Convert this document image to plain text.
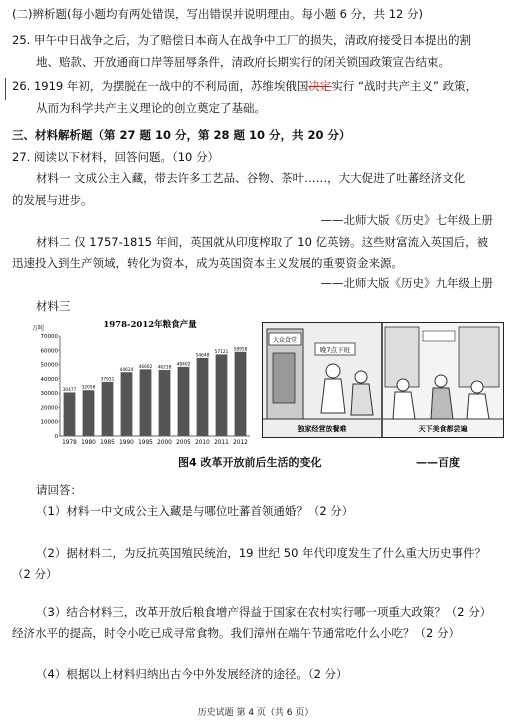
(二)辨析题(每小题均有两处错误，写出错误并说明理由。每小题 6 分，共 12 分)
25. 甲午中日战争之后，为了赔偿日本商人在战争中工厂的损失，清政府接受日本提出的割
地、赔款、开放通商口岸等屈辱条件，清政府长期实行的闭关锁国政策宣告结束。
26. 1919 年初，为摆脱在一战中的不利局面，苏维埃俄国决定实行 “战时共产主义” 政策，
从而为科学共产主义理论的创立奠定了基础。
三、材料解析题（第 27 题 10 分，第 28 题 10 分，共 20 分）
27. 阅读以下材料，回答问题。（10 分）
材料一 文成公主入藏，带去许多工艺品、谷物、茶叶……，大大促进了吐蕃经济文化
的发展与进步。
——北师大版《历史》七年级上册
材料二 仅 1757-1815 年间，英国就从印度榨取了 10 亿英镑。这些财富流入英国后，被
迅速投入到生产领域，转化为资本，成为英国资本主义发展的重要资金来源。
——北师大版《历史》九年级上册
材料三
1978-2012年粮食产量
万吨
70000
60000
50000
40000
30000
20000
10000
0
30477
1978
32056
1980
37911
1985
44624
1990
46662
1995
46218
2000
48402
2005
54648
2010
57121
2011
58958
2012
大众食堂
晚7点下班
独家经营放餐难	天下美食都尝遍
图4 改革开放前后生活的变化	——百度
请回答：
（1）材料一中文成公主入藏是与哪位吐蕃首领通婚？（2 分）
（2）据材料二，为反抗英国殖民统治，19 世纪 50 年代印度发生了什么重大历史事件？
（2 分）
（3）结合材料三，改革开放后粮食增产得益于国家在农村实行哪一项重大政策？（2 分）
经济水平的提高，时令小吃已成寻常食物。我们漳州在端午节通常吃什么小吃？（2 分）
（4）根据以上材料归纳出古今中外发展经济的途径。（2 分）
历史试题 第 4 页（共 6 页）
